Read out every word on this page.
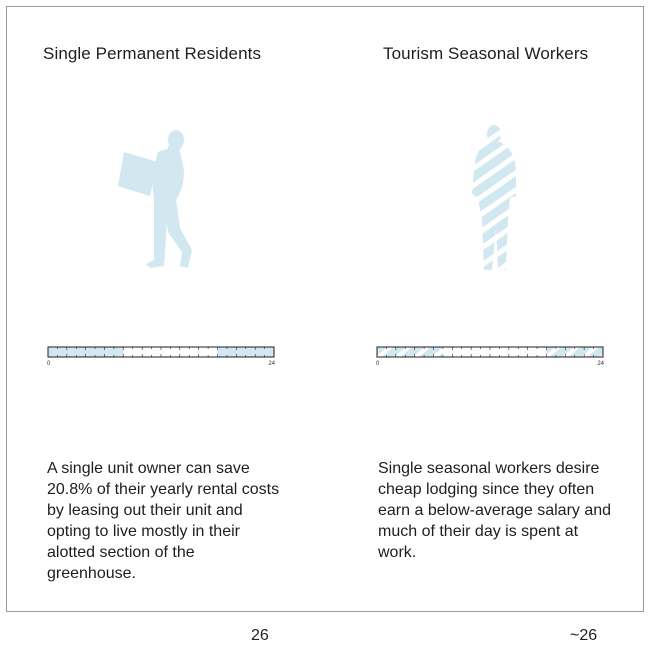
Single Permanent Residents
0	24

A single unit owner can save 20.8% of their yearly rental costs by leasing out their unit and opting to live mostly in their alotted section of the greenhouse.

Tourism Seasonal Workers
0	24

Single seasonal workers desire cheap lodging since they often earn a below-average salary and much of their day is spent at work.

26	~26
